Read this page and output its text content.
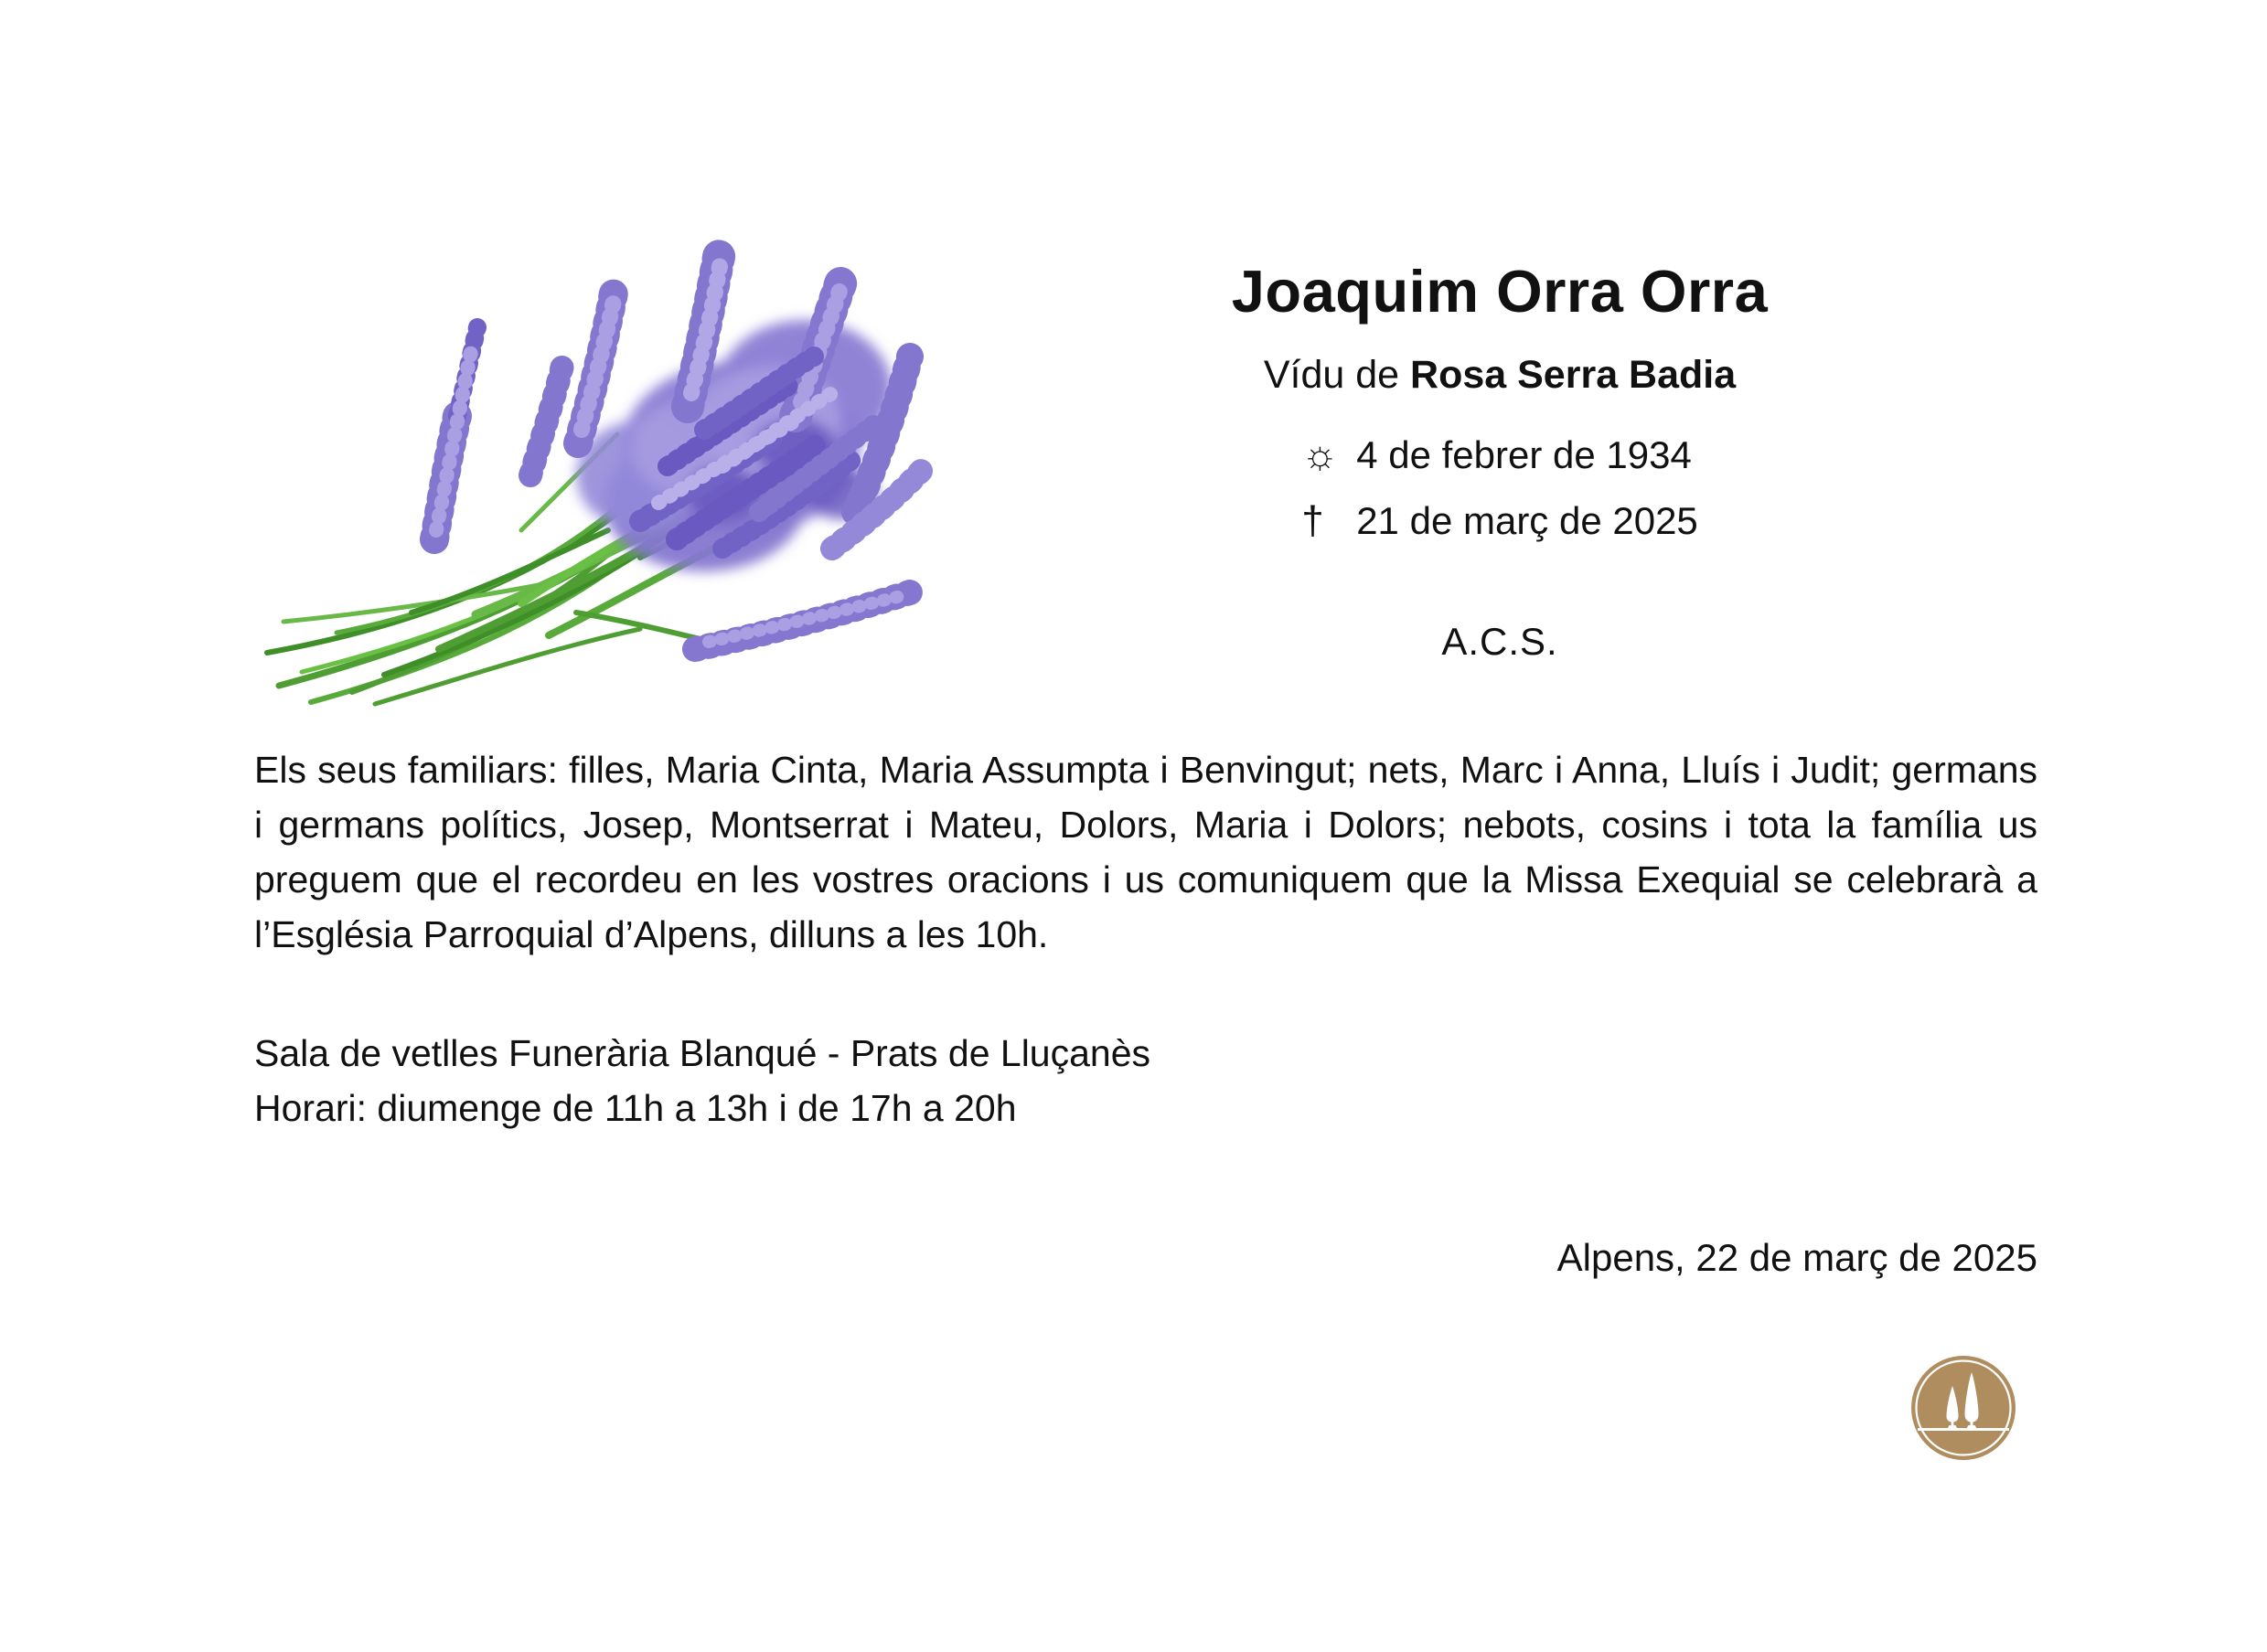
Joaquim Orra Orra
Vídu de Rosa Serra Badia
☼ 4 de febrer de 1934
† 21 de març de 2025
A.C.S.
Els seus familiars: filles, Maria Cinta, Maria Assumpta i Benvingut; nets, Marc i Anna, Lluís i Judit; germans
i germans polítics, Josep, Montserrat i Mateu, Dolors, Maria i Dolors; nebots, cosins i tota la família us
preguem que el recordeu en les vostres oracions i us comuniquem que la Missa Exequial se celebrarà a
l’Església Parroquial d’Alpens, dilluns a les 10h.
Sala de vetlles Funerària Blanqué - Prats de Lluçanès
Horari: diumenge de 11h a 13h i de 17h a 20h
Alpens, 22 de març de 2025
